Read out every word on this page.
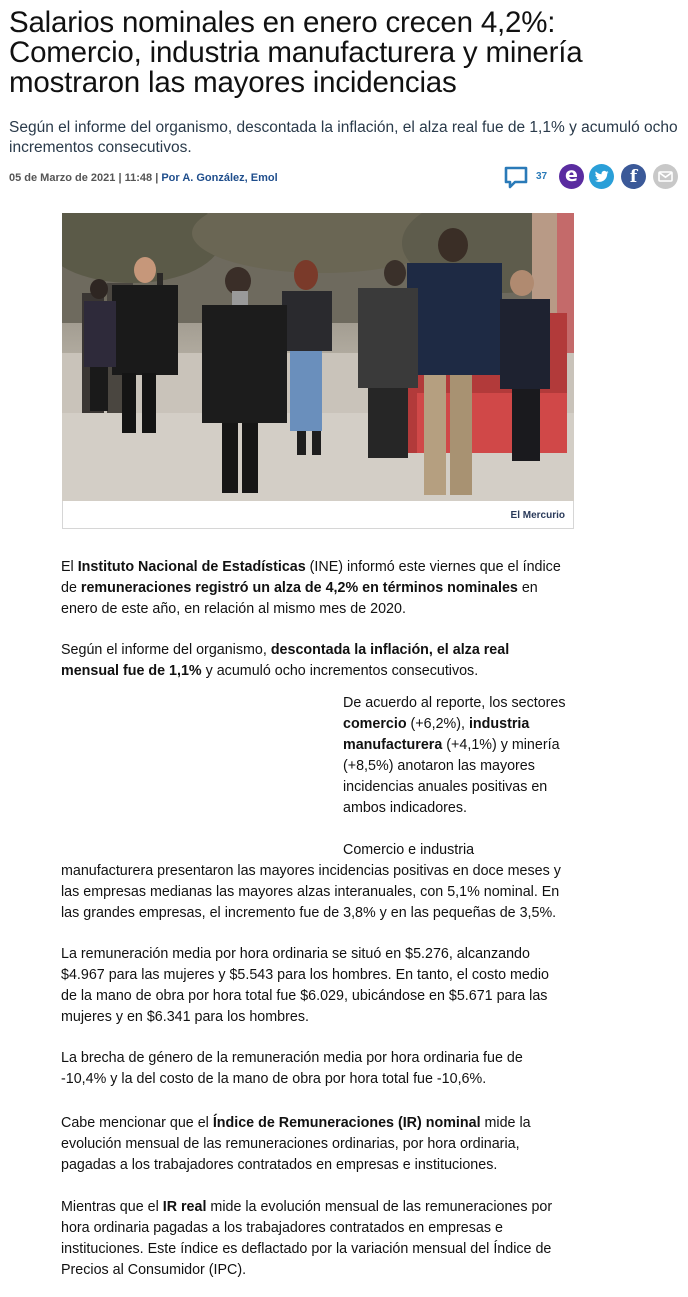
Salarios nominales en enero crecen 4,2%: Comercio, industria manufacturera y minería mostraron las mayores incidencias

Según el informe del organismo, descontada la inflación, el alza real fue de 1,1% y acumuló ocho incrementos consecutivos.

05 de Marzo de 2021 | 11:48 | Por A. González, Emol	37 e	f
El Mercurio

El Instituto Nacional de Estadísticas (INE) informó este viernes que el índice de remuneraciones registró un alza de 4,2% en términos nominales en enero de este año, en relación al mismo mes de 2020.

Según el informe del organismo, descontada la inflación, el alza real mensual fue de 1,1% y acumuló ocho incrementos consecutivos.

De acuerdo al reporte, los sectores comercio (+6,2%), industria manufacturera (+4,1%) y minería (+8,5%) anotaron las mayores incidencias anuales positivas en ambos indicadores.

Comercio e industria

manufacturera presentaron las mayores incidencias positivas en doce meses y las empresas medianas las mayores alzas interanuales, con 5,1% nominal. En las grandes empresas, el incremento fue de 3,8% y en las pequeñas de 3,5%.

La remuneración media por hora ordinaria se situó en $5.276, alcanzando $4.967 para las mujeres y $5.543 para los hombres. En tanto, el costo medio de la mano de obra por hora total fue $6.029, ubicándose en $5.671 para las mujeres y en $6.341 para los hombres.

La brecha de género de la remuneración media por hora ordinaria fue de -10,4% y la del costo de la mano de obra por hora total fue -10,6%.

Cabe mencionar que el Índice de Remuneraciones (IR) nominal mide la evolución mensual de las remuneraciones ordinarias, por hora ordinaria, pagadas a los trabajadores contratados en empresas e instituciones.

Mientras que el IR real mide la evolución mensual de las remuneraciones por hora ordinaria pagadas a los trabajadores contratados en empresas e instituciones. Este índice es deflactado por la variación mensual del Índice de Precios al Consumidor (IPC).
